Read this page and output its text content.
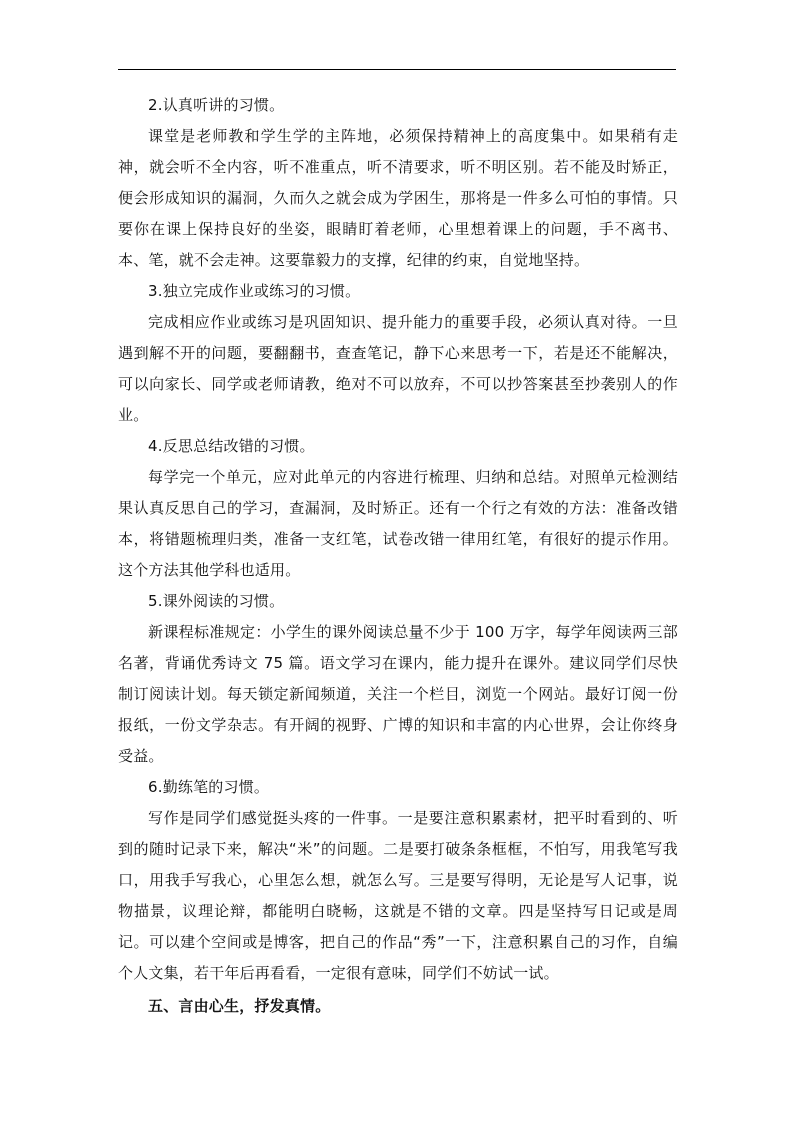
2.认真听讲的习惯。

课堂是老师教和学生学的主阵地，必须保持精神上的高度集中。如果稍有走神，就会听不全内容，听不准重点，听不清要求，听不明区别。若不能及时矫正，便会形成知识的漏洞，久而久之就会成为学困生，那将是一件多么可怕的事情。只要你在课上保持良好的坐姿，眼睛盯着老师，心里想着课上的问题，手不离书、本、笔，就不会走神。这要靠毅力的支撑，纪律的约束，自觉地坚持。

3.独立完成作业或练习的习惯。

完成相应作业或练习是巩固知识、提升能力的重要手段，必须认真对待。一旦遇到解不开的问题，要翻翻书，查查笔记，静下心来思考一下，若是还不能解决，可以向家长、同学或老师请教，绝对不可以放弃，不可以抄答案甚至抄袭别人的作业。

4.反思总结改错的习惯。

每学完一个单元，应对此单元的内容进行梳理、归纳和总结。对照单元检测结果认真反思自己的学习，查漏洞，及时矫正。还有一个行之有效的方法：准备改错本，将错题梳理归类，准备一支红笔，试卷改错一律用红笔，有很好的提示作用。这个方法其他学科也适用。

5.课外阅读的习惯。

新课程标准规定：小学生的课外阅读总量不少于 100 万字，每学年阅读两三部名著，背诵优秀诗文 75 篇。语文学习在课内，能力提升在课外。建议同学们尽快制订阅读计划。每天锁定新闻频道，关注一个栏目，浏览一个网站。最好订阅一份报纸，一份文学杂志。有开阔的视野、广博的知识和丰富的内心世界，会让你终身受益。

6.勤练笔的习惯。

写作是同学们感觉挺头疼的一件事。一是要注意积累素材，把平时看到的、听到的随时记录下来，解决“米”的问题。二是要打破条条框框，不怕写，用我笔写我口，用我手写我心，心里怎么想，就怎么写。三是要写得明，无论是写人记事，说物描景，议理论辩，都能明白晓畅，这就是不错的文章。四是坚持写日记或是周记。可以建个空间或是博客，把自己的作品“秀”一下，注意积累自己的习作，自编个人文集，若干年后再看看，一定很有意味，同学们不妨试一试。

五、言由心生，抒发真情。
